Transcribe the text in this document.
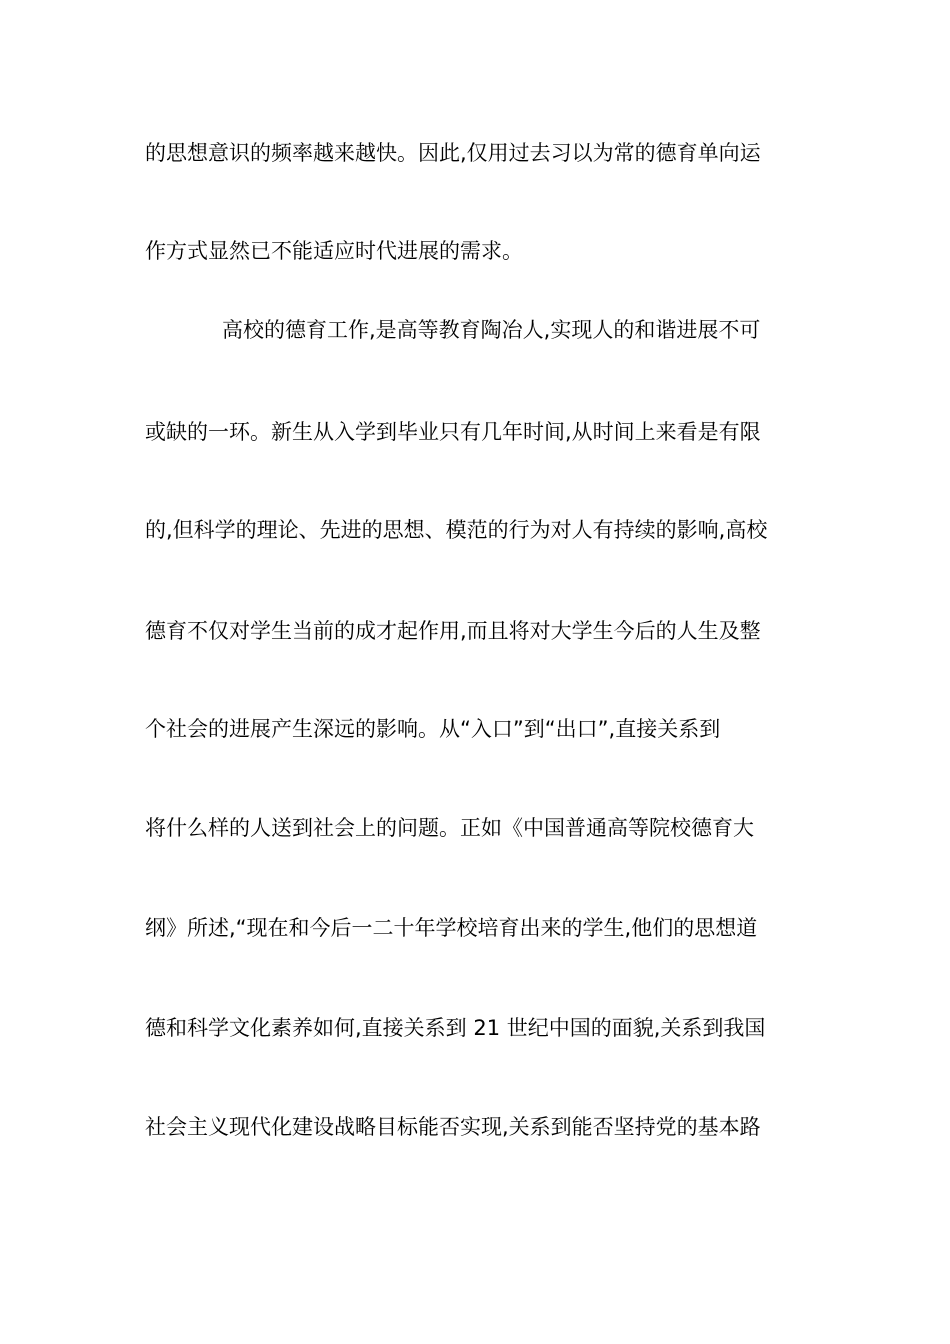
的思想意识的频率越来越快。因此,仅用过去习以为常的德育单向运
作方式显然已不能适应时代进展的需求。
高校的德育工作,是高等教育陶冶人,实现人的和谐进展不可
或缺的一环。新生从入学到毕业只有几年时间,从时间上来看是有限
的,但科学的理论、先进的思想、模范的行为对人有持续的影响,高校
德育不仅对学生当前的成才起作用,而且将对大学生今后的人生及整
个社会的进展产生深远的影响。从“入口”到“出口”,直接关系到
将什么样的人送到社会上的问题。正如《中国普通高等院校德育大
纲》所述,“现在和今后一二十年学校培育出来的学生,他们的思想道
德和科学文化素养如何,直接关系到 21 世纪中国的面貌,关系到我国
社会主义现代化建设战略目标能否实现,关系到能否坚持党的基本路
